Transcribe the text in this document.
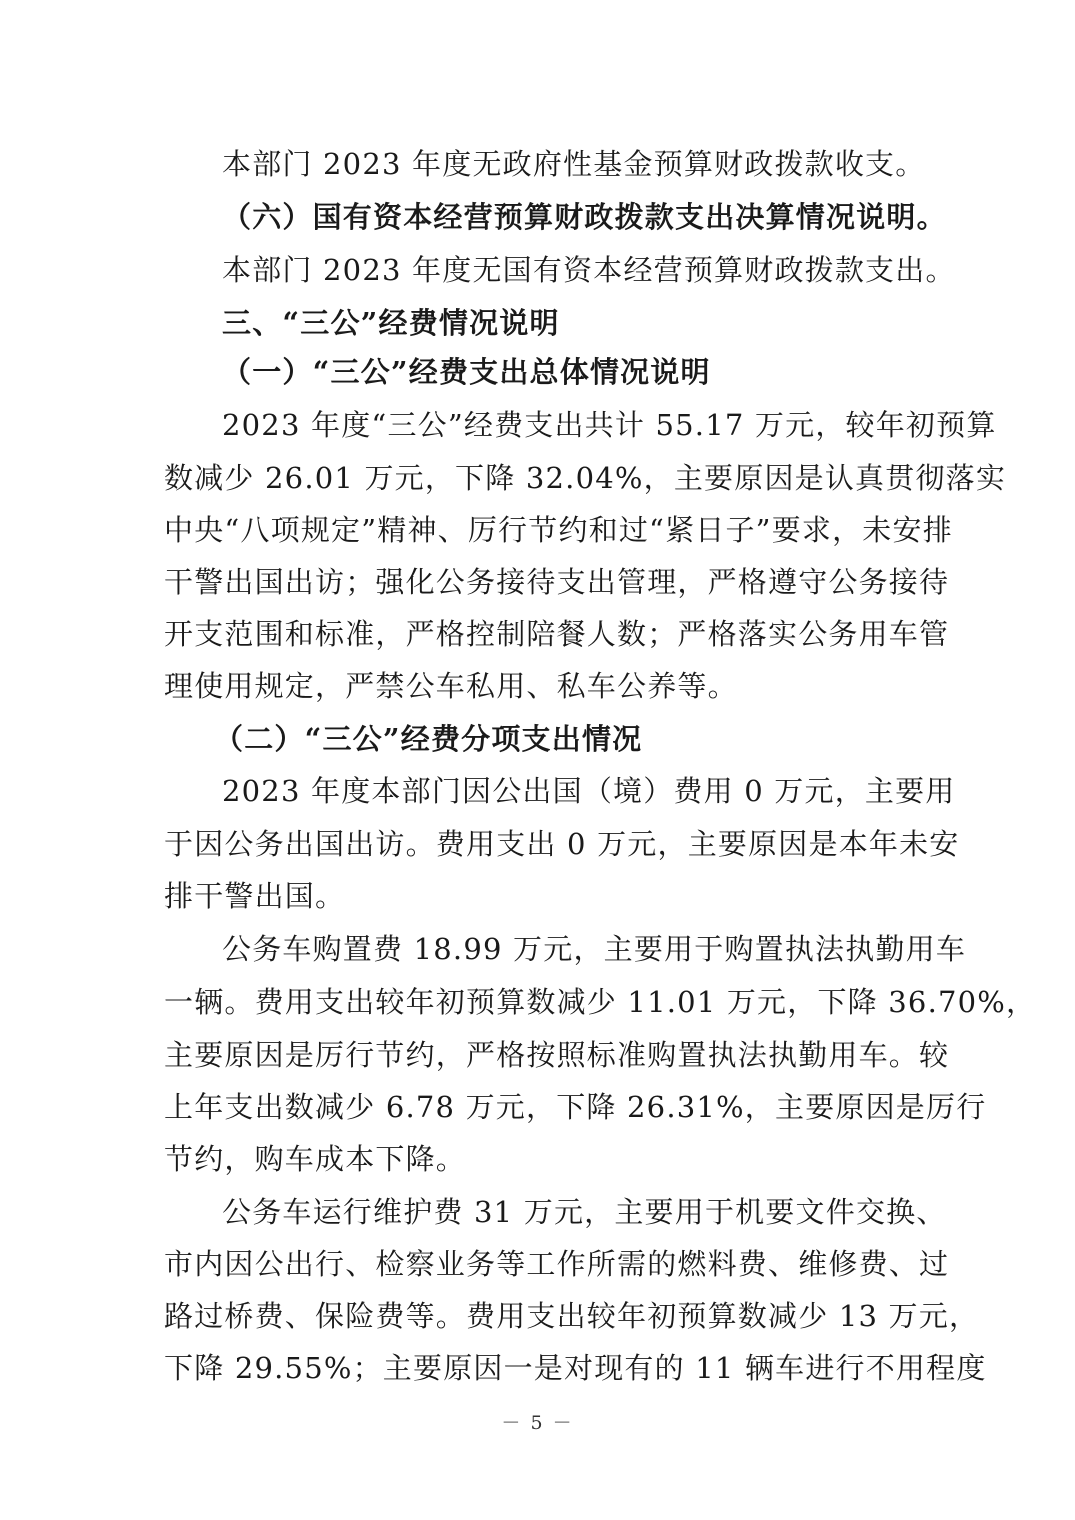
本部门 2023 年度无政府性基金预算财政拨款收支。
（六）国有资本经营预算财政拨款支出决算情况说明。
本部门 2023 年度无国有资本经营预算财政拨款支出。
三、“三公”经费情况说明
（一）“三公”经费支出总体情况说明
2023 年度“三公”经费支出共计 55.17 万元，较年初预算
数减少 26.01 万元，下降 32.04%，主要原因是认真贯彻落实
中央“八项规定”精神、厉行节约和过“紧日子”要求，未安排
干警出国出访；强化公务接待支出管理，严格遵守公务接待
开支范围和标准，严格控制陪餐人数；严格落实公务用车管
理使用规定，严禁公车私用、私车公养等。
（二）“三公”经费分项支出情况
2023 年度本部门因公出国（境）费用 0 万元，主要用
于因公务出国出访。费用支出 0 万元，主要原因是本年未安
排干警出国。
公务车购置费 18.99 万元，主要用于购置执法执勤用车
一辆。费用支出较年初预算数减少 11.01 万元，下降 36.70%，
主要原因是厉行节约，严格按照标准购置执法执勤用车。较
上年支出数减少 6.78 万元，下降 26.31%，主要原因是厉行
节约，购车成本下降。
公务车运行维护费 31 万元，主要用于机要文件交换、
市内因公出行、检察业务等工作所需的燃料费、维修费、过
路过桥费、保险费等。费用支出较年初预算数减少 13 万元，
下降 29.55%；主要原因一是对现有的 11 辆车进行不用程度
－ 5 －
